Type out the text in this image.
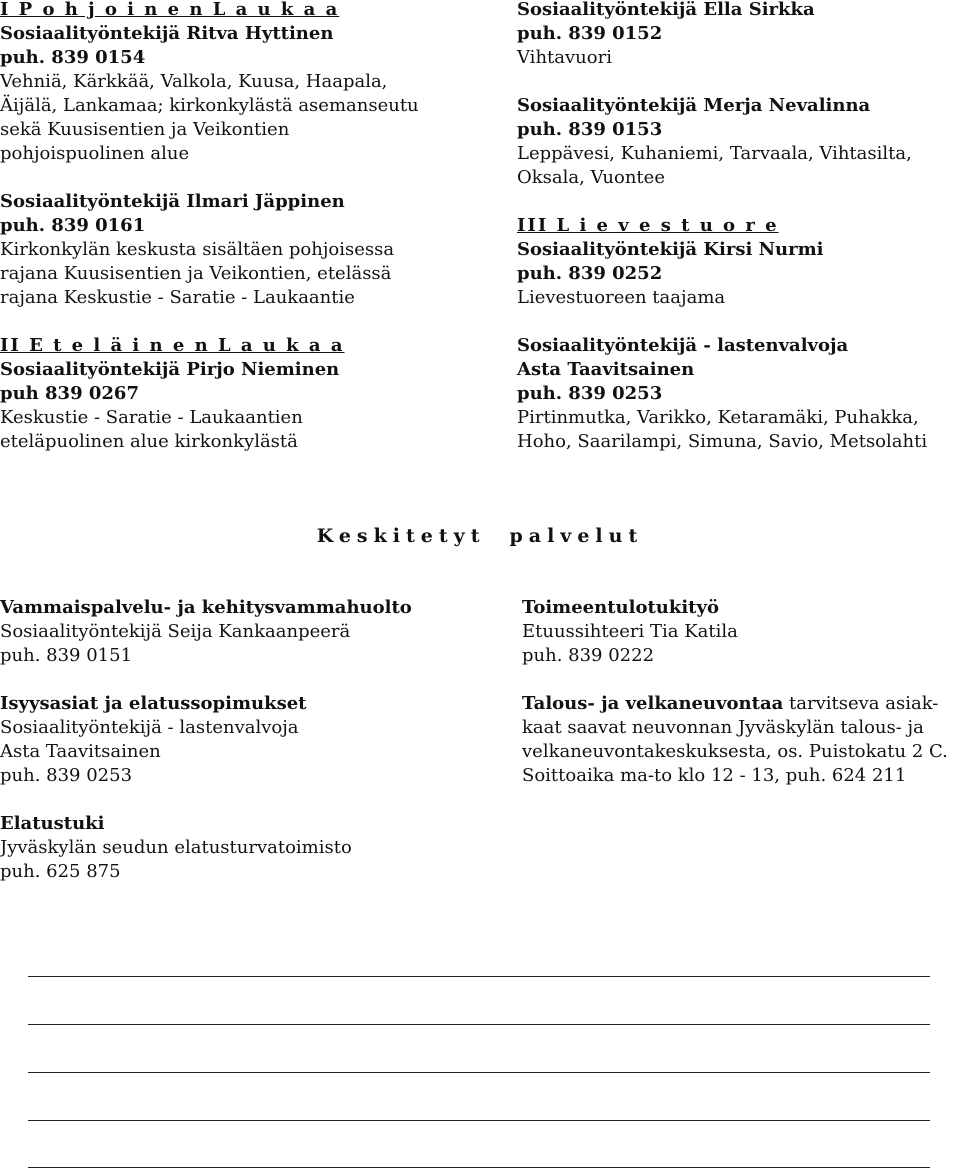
I P o h j o i n e n L a u k a a
Sosiaalityöntekijä Ritva Hyttinen
puh. 839 0154
Vehniä, Kärkkää, Valkola, Kuusa, Haapala,
Äijälä, Lankamaa; kirkonkylästä asemanseutu
sekä Kuusisentien ja Veikontien
pohjoispuolinen alue
Sosiaalityöntekijä Ilmari Jäppinen
puh. 839 0161
Kirkonkylän keskusta sisältäen pohjoisessa
rajana Kuusisentien ja Veikontien, etelässä
rajana Keskustie - Saratie - Laukaantie
II E t e l ä i n e n L a u k a a
Sosiaalityöntekijä Pirjo Nieminen
puh 839 0267
Keskustie - Saratie - Laukaantien
eteläpuolinen alue kirkonkylästä
Sosiaalityöntekijä Ella Sirkka
puh. 839 0152
Vihtavuori
Sosiaalityöntekijä Merja Nevalinna
puh. 839 0153
Leppävesi, Kuhaniemi, Tarvaala, Vihtasilta,
Oksala, Vuontee
III L i e v e s t u o r e
Sosiaalityöntekijä Kirsi Nurmi
puh. 839 0252
Lievestuoreen taajama
Sosiaalityöntekijä - lastenvalvoja
Asta Taavitsainen
puh. 839 0253
Pirtinmutka, Varikko, Ketaramäki, Puhakka,
Hoho, Saarilampi, Simuna, Savio, Metsolahti
Keskitetyt palvelut
Vammaispalvelu- ja kehitysvammahuolto
Sosiaalityöntekijä Seija Kankaanpeerä
puh. 839 0151
Isyysasiat ja elatussopimukset
Sosiaalityöntekijä - lastenvalvoja
Asta Taavitsainen
puh. 839 0253
Elatustuki
Jyväskylän seudun elatusturvatoimisto
puh. 625 875
Toimeentulotukityö
Etuussihteeri Tia Katila
puh. 839 0222
Talous- ja velkaneuvontaa tarvitseva asiak-
kaat saavat neuvonnan Jyväskylän talous- ja
velkaneuvontakeskuksesta, os. Puistokatu 2 C.
Soittoaika ma-to klo 12 - 13, puh. 624 211
